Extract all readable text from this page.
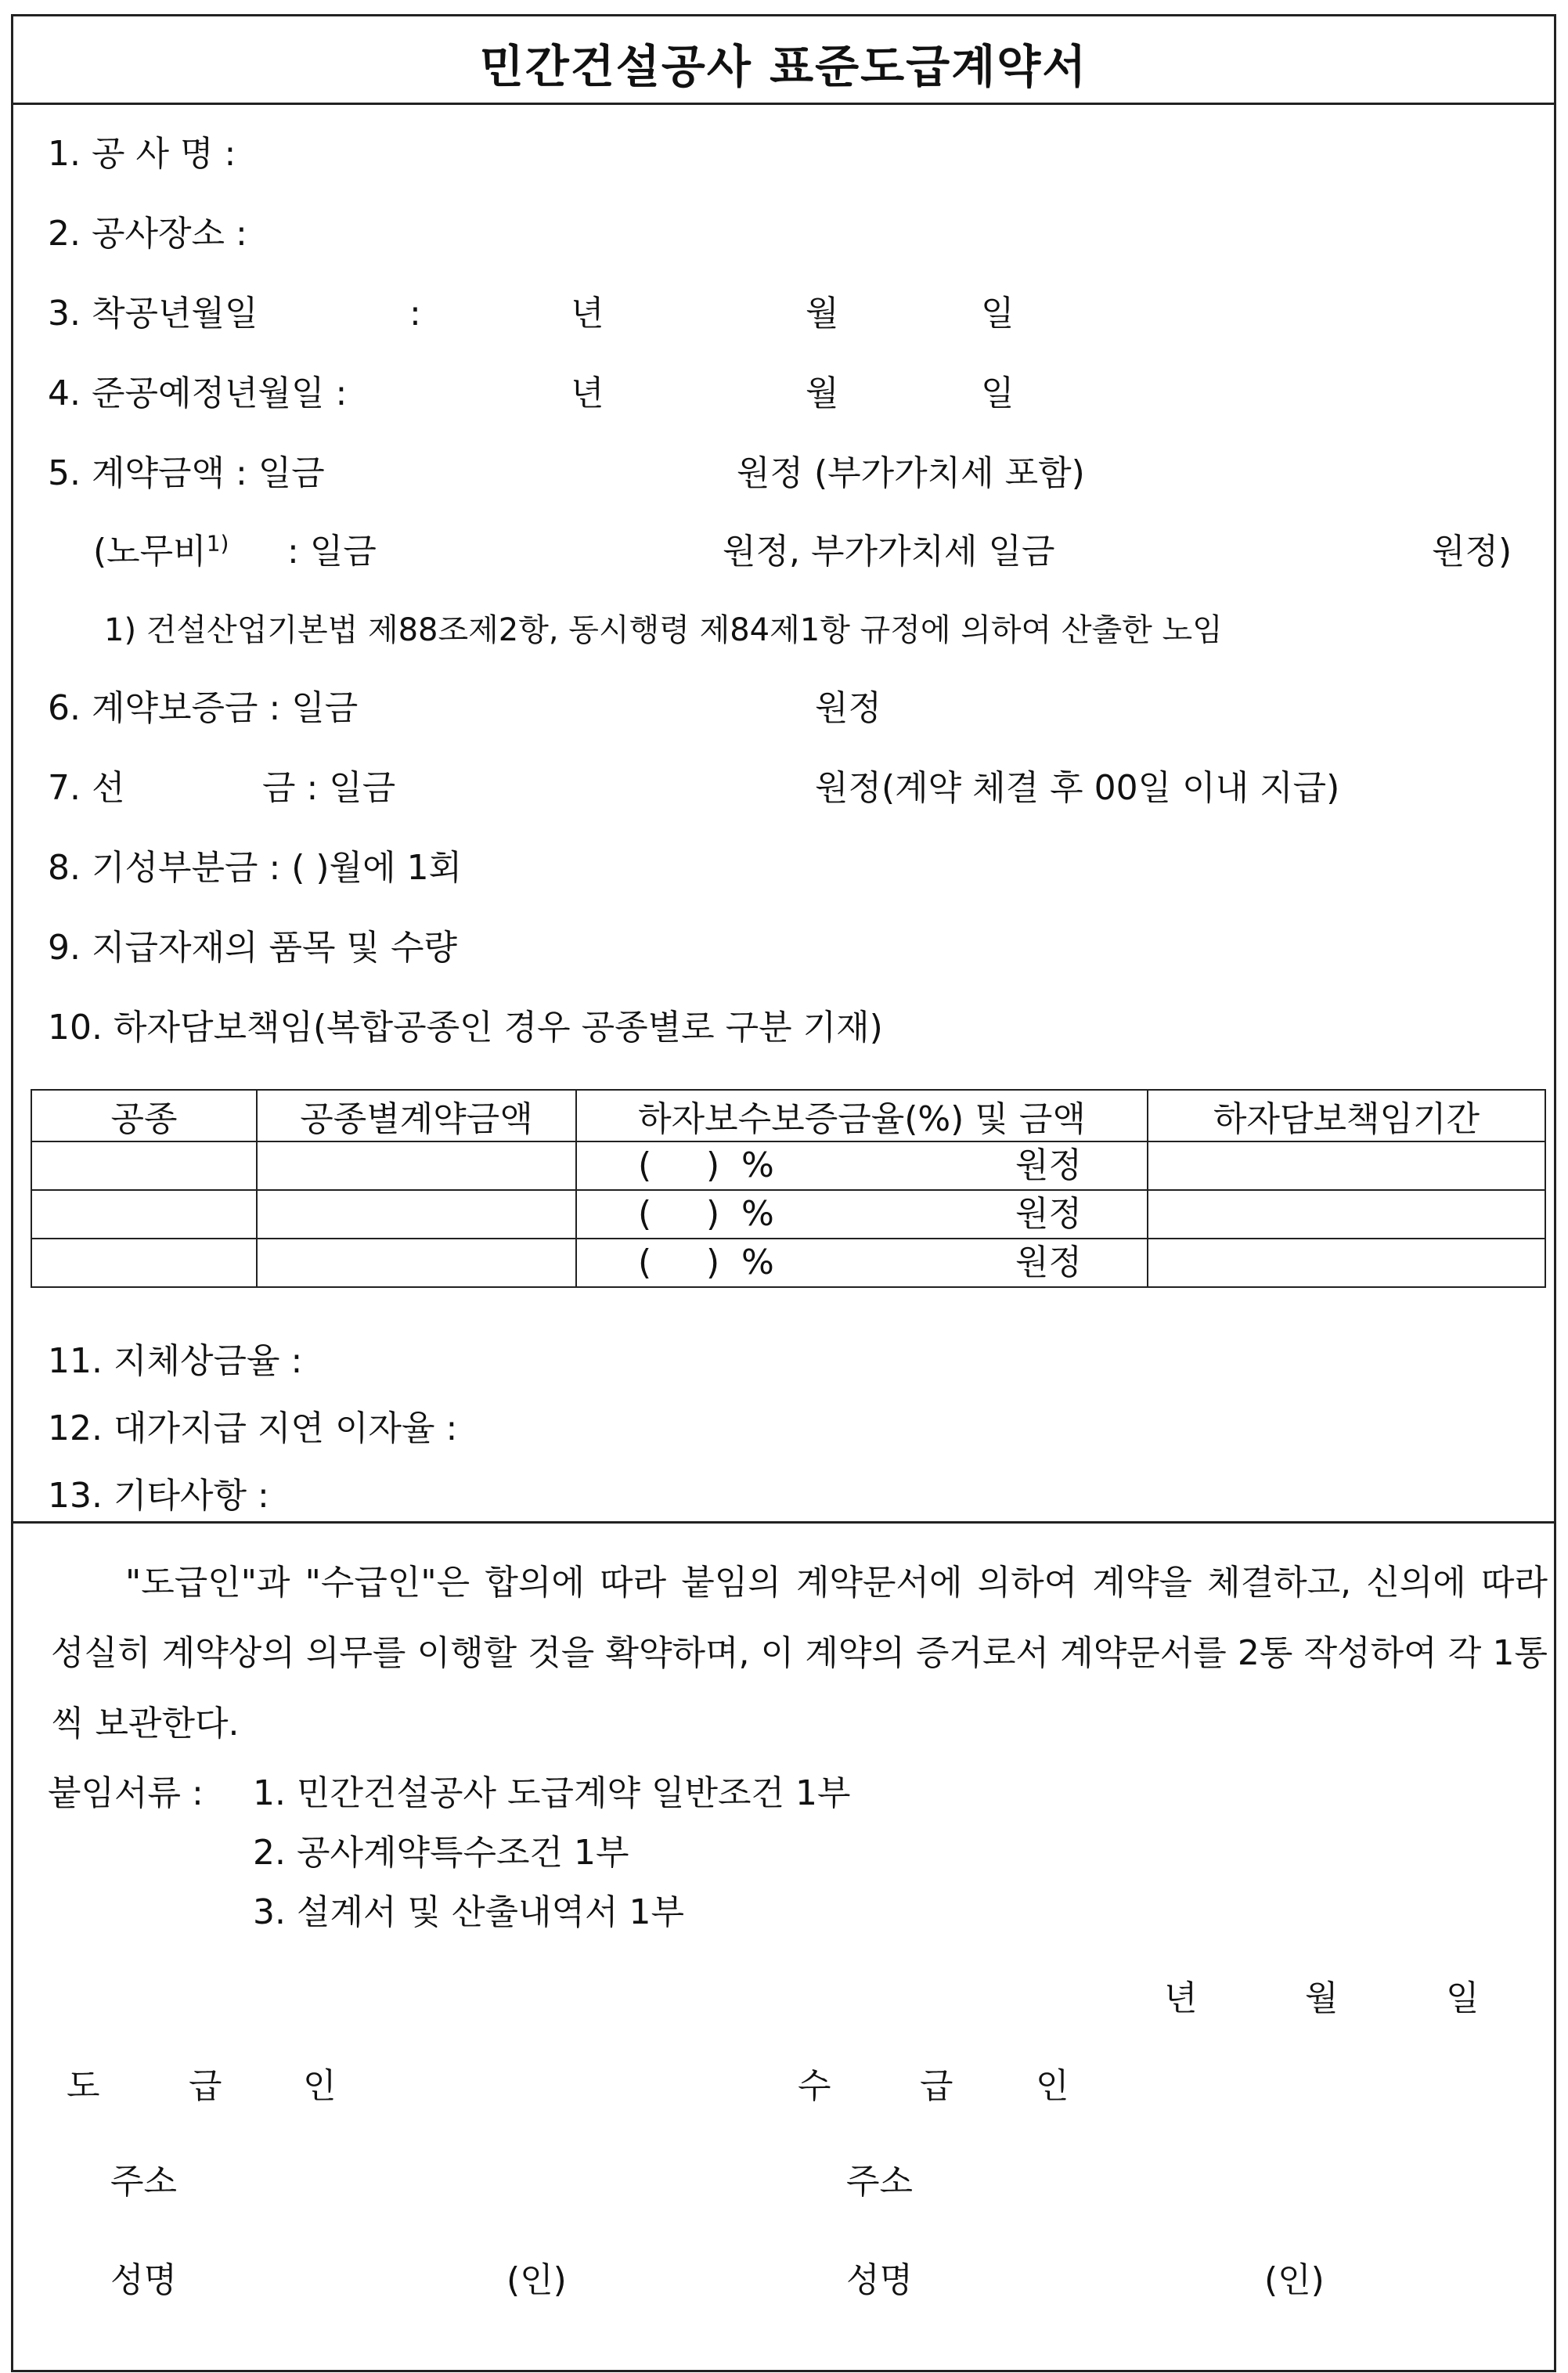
민간건설공사 표준도급계약서
1. 공 사 명 :
2. 공사장소 :
3. 착공년월일	:	년	월	일
4. 준공예정년월일 :	년	월	일
5. 계약금액 : 일금	원정 (부가가치세 포함)
(노무비$^{1)}$ : 일금	원정, 부가가치세 일금	원정)
1) 건설산업기본법 제88조제2항, 동시행령 제84제1항 규정에 의하여 산출한 노임
6. 계약보증금 : 일금	원정
7. 선	금 : 일금	원정(계약 체결 후 00일 이내 지급)
8. 기성부분금 : ( )월에 1회
9. 지급자재의 품목 및 수량
10. 하자담보책임(복합공종인 경우 공종별로 구분 기재)
공종	공종별계약금액	하자보수보증금율(%) 및 금액	하자담보책임기간

		( ) % 원정	

		( ) % 원정	

		( ) % 원정	

11. 지체상금율 :
12. 대가지급 지연 이자율 :
13. 기타사항 :
"도급인"과 "수급인"은 합의에 따라 붙임의 계약문서에 의하여 계약을 체결하고, 신의에 따라 성실히 계약상의 의무를 이행할 것을 확약하며, 이 계약의 증거로서 계약문서를 2통 작성하여 각 1통씩 보관한다.
붙임서류 : 1. 민간건설공사 도급계약 일반조건 1부
2. 공사계약특수조건 1부
3. 설계서 및 산출내역서 1부
년	월	일
도	급 인	수	급 인
주소	주소
성명	(인)	성명	(인)
